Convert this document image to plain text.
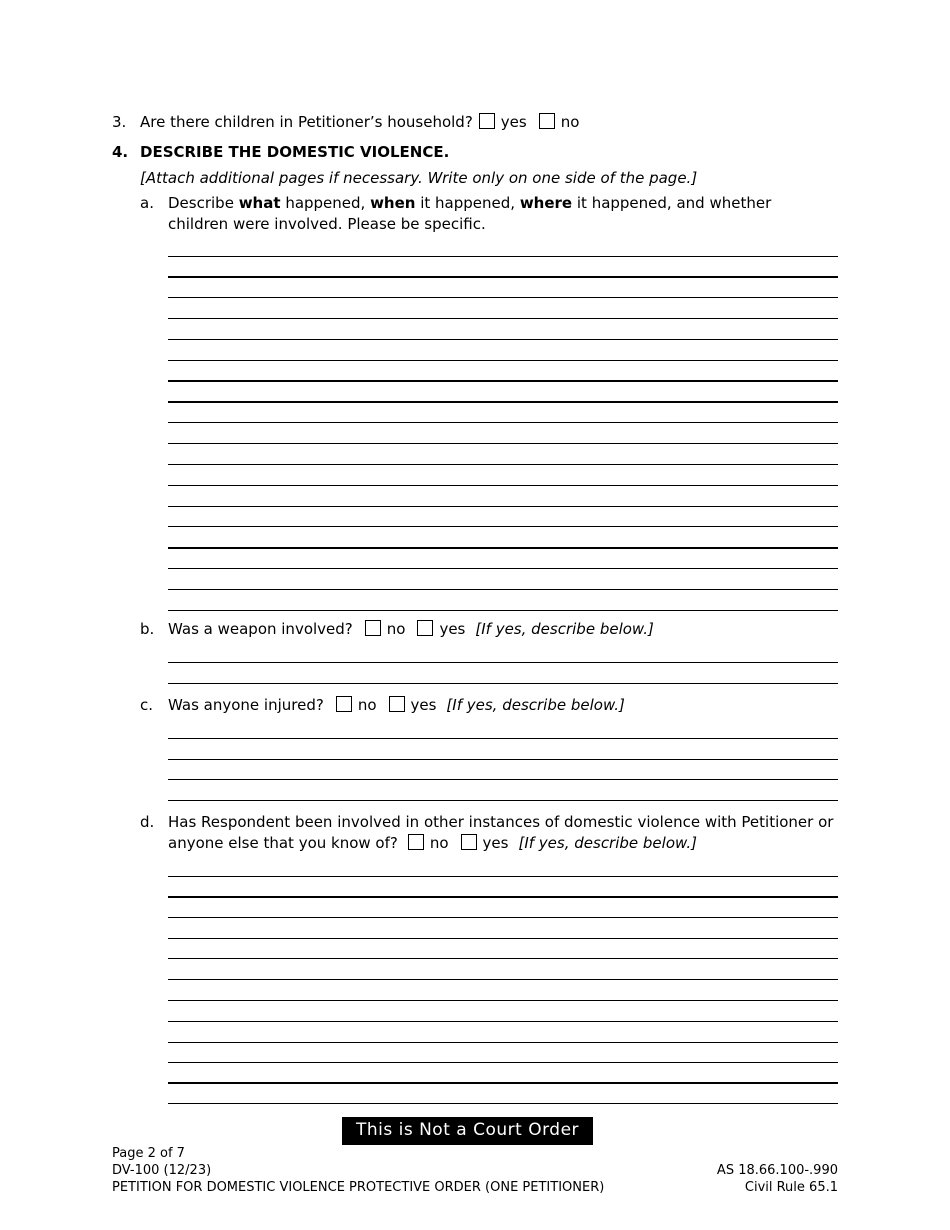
3. Are there children in Petitioner’s household? yes no
4. DESCRIBE THE DOMESTIC VIOLENCE.
[Attach additional pages if necessary. Write only on one side of the page.]
a. Describe what happened, when it happened, where it happened, and whether
children were involved. Please be specific.
b. Was a weapon involved? no yes [If yes, describe below.]
c. Was anyone injured? no yes [If yes, describe below.]
d. Has Respondent been involved in other instances of domestic violence with Petitioner or
anyone else that you know of? no yes [If yes, describe below.]
This is Not a Court Order
Page 2 of 7
DV-100 (12/23)
PETITION FOR DOMESTIC VIOLENCE PROTECTIVE ORDER (ONE PETITIONER)
AS 18.66.100-.990
Civil Rule 65.1
